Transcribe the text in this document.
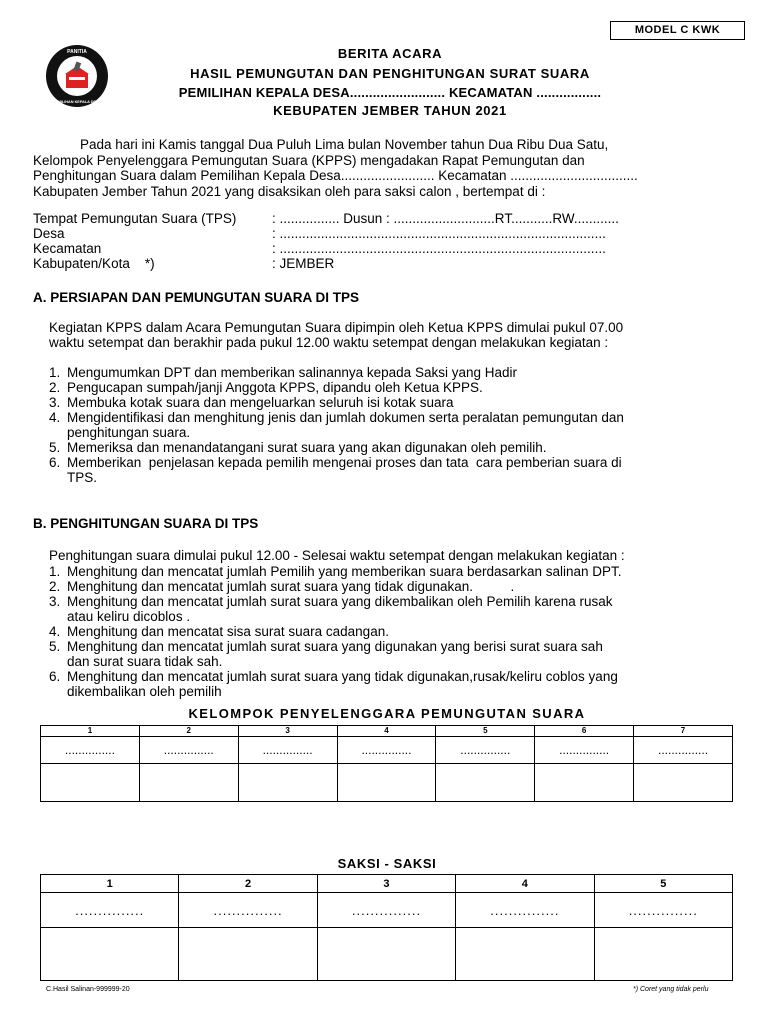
MODEL C KWK
PANITIA
PEMILIHAN KEPALA DESA
BERITA ACARA
HASIL PEMUNGUTAN DAN PENGHITUNGAN SURAT SUARA
PEMILIHAN KEPALA DESA......................... KECAMATAN .................
KEBUPATEN JEMBER TAHUN 2021
Pada hari ini Kamis tanggal Dua Puluh Lima bulan November tahun Dua Ribu Dua Satu,
Kelompok Penyelenggara Pemungutan Suara (KPPS) mengadakan Rapat Pemungutan dan
Penghitungan Suara dalam Pemilihan Kepala Desa......................... Kecamatan ..................................
Kabupaten Jember Tahun 2021 yang disaksikan oleh para saksi calon , bertempat di :
Tempat Pemungutan Suara (TPS)	: ................ Dusun : ...........................RT...........RW............
Desa	: .......................................................................................
Kecamatan	: .......................................................................................
Kabupaten/Kota    *)	: JEMBER
A. PERSIAPAN DAN PEMUNGUTAN SUARA DI TPS
Kegiatan KPPS dalam Acara Pemungutan Suara dipimpin oleh Ketua KPPS dimulai pukul 07.00
waktu setempat dan berakhir pada pukul 12.00 waktu setempat dengan melakukan kegiatan :
1. Mengumumkan DPT dan memberikan salinannya kepada Saksi yang Hadir
2. Pengucapan sumpah/janji Anggota KPPS, dipandu oleh Ketua KPPS.
3. Membuka kotak suara dan mengeluarkan seluruh isi kotak suara
4. Mengidentifikasi dan menghitung jenis dan jumlah dokumen serta peralatan pemungutan dan
penghitungan suara.
5. Memeriksa dan menandatangani surat suara yang akan digunakan oleh pemilih.
6. Memberikan  penjelasan kepada pemilih mengenai proses dan tata  cara pemberian suara di
TPS.
B. PENGHITUNGAN SUARA DI TPS
Penghitungan suara dimulai pukul 12.00 - Selesai waktu setempat dengan melakukan kegiatan :
1. Menghitung dan mencatat jumlah Pemilih yang memberikan suara berdasarkan salinan DPT.
2. Menghitung dan mencatat jumlah surat suara yang tidak digunakan.          .
3. Menghitung dan mencatat jumlah surat suara yang dikembalikan oleh Pemilih karena rusak
atau keliru dicoblos .
4. Menghitung dan mencatat sisa surat suara cadangan.
5. Menghitung dan mencatat jumlah surat suara yang digunakan yang berisi surat suara sah
dan surat suara tidak sah.
6. Menghitung dan mencatat jumlah surat suara yang tidak digunakan,rusak/keliru coblos yang
dikembalikan oleh pemilih
KELOMPOK PENYELENGGARA PEMUNGUTAN SUARA
1	2	3	4	5	6	7
...............	...............	...............	...............	...............	...............	...............

SAKSI - SAKSI
1	2	3	4	5
...............	...............	...............	...............	...............

C.Hasil Salinan-999999-20	*) Coret yang tidak perlu
